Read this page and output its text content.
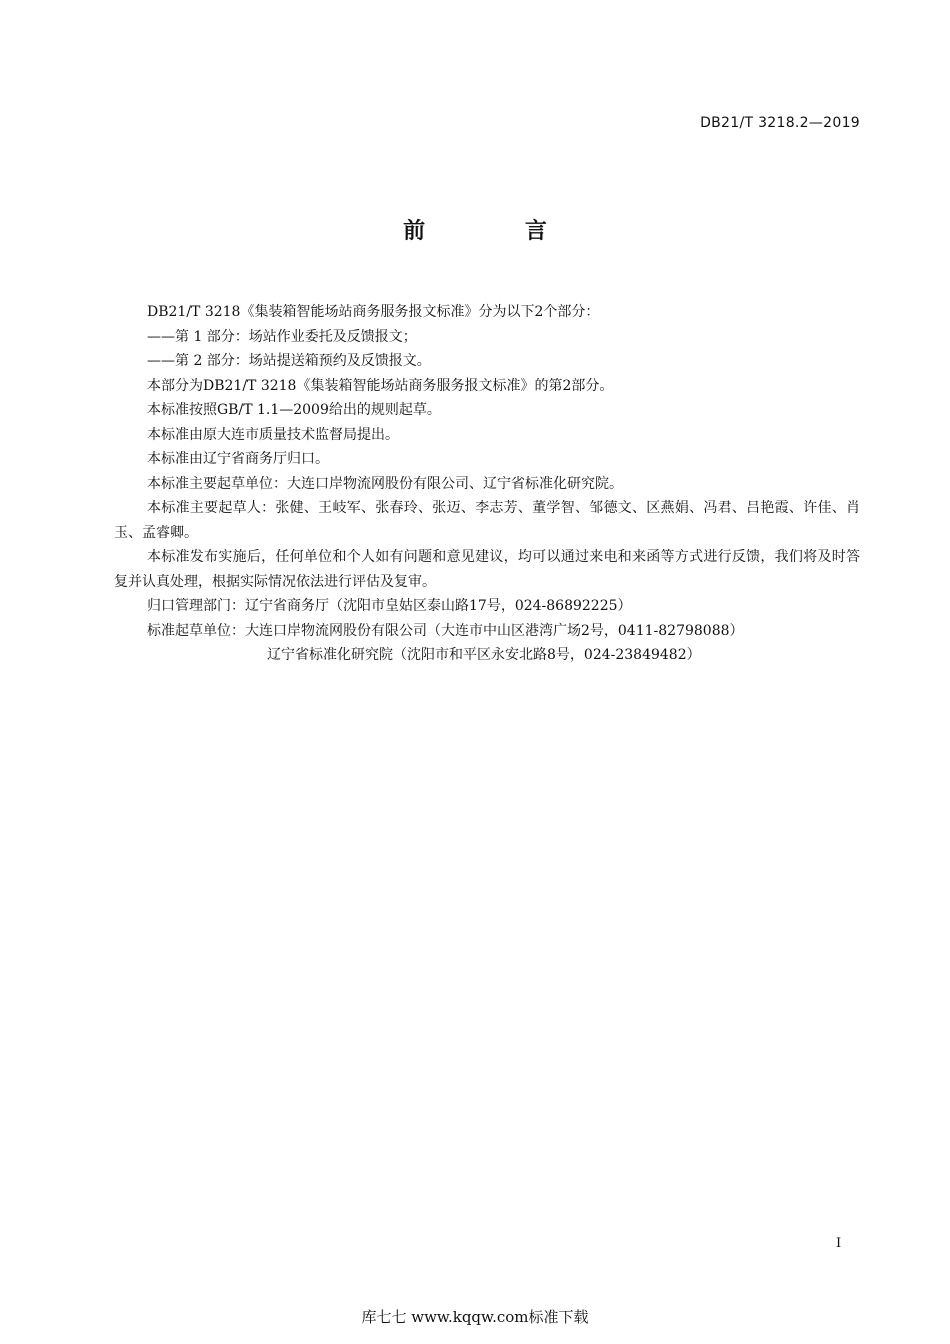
DB21/T 3218.2—2019
前 言

DB21/T 3218《集装箱智能场站商务服务报文标准》分为以下2个部分：

——第 1 部分：场站作业委托及反馈报文；

——第 2 部分：场站提送箱预约及反馈报文。

本部分为DB21/T 3218《集装箱智能场站商务服务报文标准》的第2部分。

本标准按照GB/T 1.1—2009给出的规则起草。

本标准由原大连市质量技术监督局提出。

本标准由辽宁省商务厅归口。

本标准主要起草单位：大连口岸物流网股份有限公司、辽宁省标准化研究院。

本标准主要起草人：张健、王岐军、张春玲、张迈、李志芳、董学智、邹德文、区燕娟、冯君、吕艳霞、许佳、肖玉、孟睿卿。

本标准发布实施后，任何单位和个人如有问题和意见建议，均可以通过来电和来函等方式进行反馈，我们将及时答复并认真处理，根据实际情况依法进行评估及复审。

归口管理部门：辽宁省商务厅（沈阳市皇姑区泰山路17号，024-86892225）

标准起草单位：大连口岸物流网股份有限公司（大连市中山区港湾广场2号，0411-82798088）

辽宁省标准化研究院（沈阳市和平区永安北路8号，024-23849482）

I
库七七 www.kqqw.com标准下载
